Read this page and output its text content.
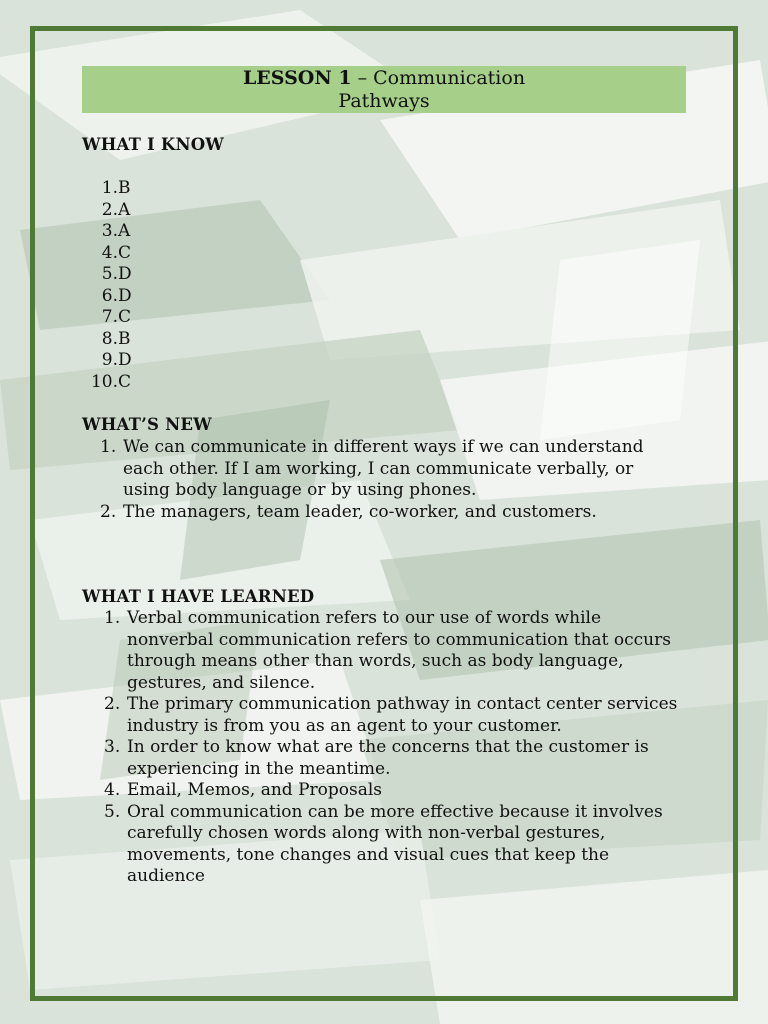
LESSON 1 – Communication
Pathways
WHAT I KNOW
1. B
2. A
3. A
4. C
5. D
6. D
7. C
8. B
9. D
10. C
WHAT’S NEW
1. We can communicate in different ways if we can understand each other. If I am working, I can communicate verbally, or using body language or by using phones.
2. The managers, team leader, co-worker, and customers.
WHAT I HAVE LEARNED
1. Verbal communication refers to our use of words while nonverbal communication refers to communication that occurs through means other than words, such as body language, gestures, and silence.
2. The primary communication pathway in contact center services industry is from you as an agent to your customer.
3. In order to know what are the concerns that the customer is experiencing in the meantime.
4. Email, Memos, and Proposals
5. Oral communication can be more effective because it involves carefully chosen words along with non-verbal gestures, movements, tone changes and visual cues that keep the audience
